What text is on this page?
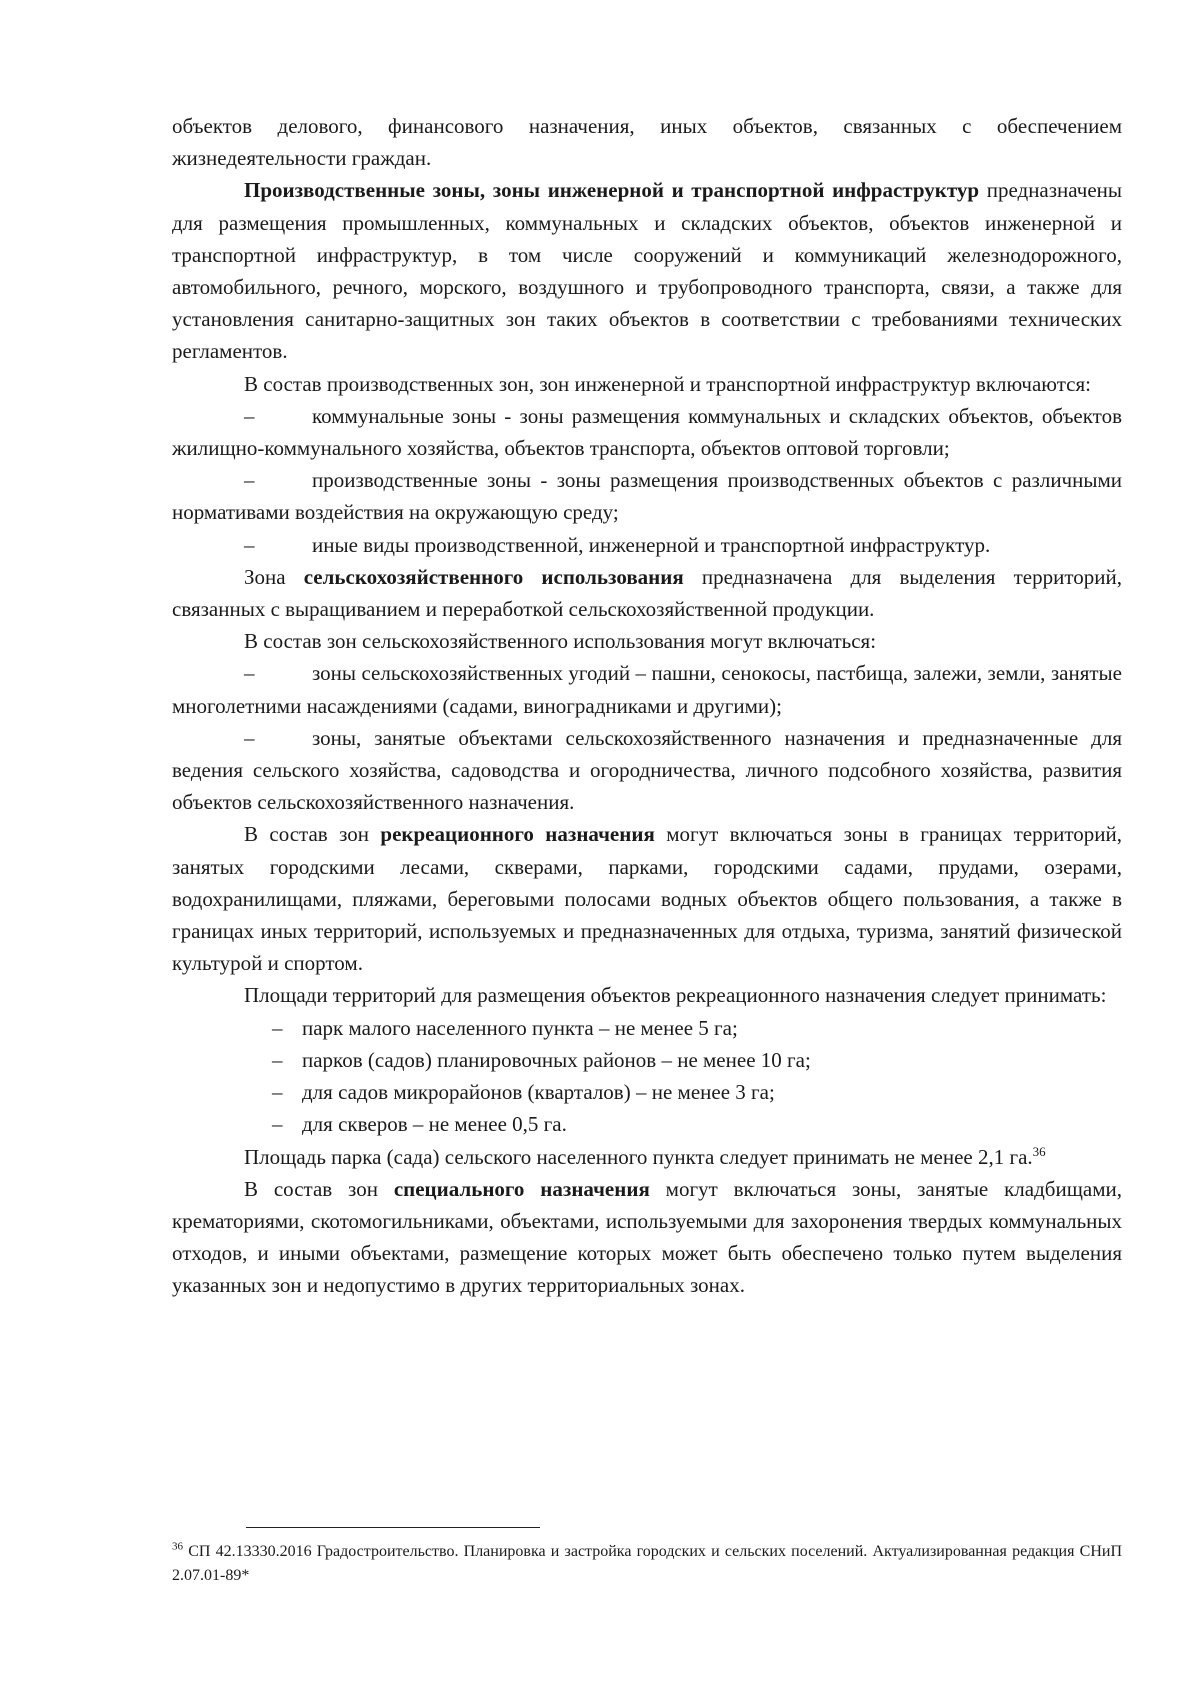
объектов делового, финансового назначения, иных объектов, связанных с обеспечением жизнедеятельности граждан.

Производственные зоны, зоны инженерной и транспортной инфраструктур предназначены для размещения промышленных, коммунальных и складских объектов, объектов инженерной и транспортной инфраструктур, в том числе сооружений и коммуникаций железнодорожного, автомобильного, речного, морского, воздушного и трубопроводного транспорта, связи, а также для установления санитарно-защитных зон таких объектов в соответствии с требованиями технических регламентов.

В состав производственных зон, зон инженерной и транспортной инфраструктур включаются:

–	коммунальные зоны - зоны размещения коммунальных и складских объектов, объектов жилищно-коммунального хозяйства, объектов транспорта, объектов оптовой торговли;

–	производственные зоны - зоны размещения производственных объектов с различными нормативами воздействия на окружающую среду;

–	иные виды производственной, инженерной и транспортной инфраструктур.

Зона сельскохозяйственного использования предназначена для выделения территорий, связанных с выращиванием и переработкой сельскохозяйственной продукции.

В состав зон сельскохозяйственного использования могут включаться:

–	зоны сельскохозяйственных угодий – пашни, сенокосы, пастбища, залежи, земли, занятые многолетними насаждениями (садами, виноградниками и другими);

–	зоны, занятые объектами сельскохозяйственного назначения и предназначенные для ведения сельского хозяйства, садоводства и огородничества, личного подсобного хозяйства, развития объектов сельскохозяйственного назначения.

В состав зон рекреационного назначения могут включаться зоны в границах территорий, занятых городскими лесами, скверами, парками, городскими садами, прудами, озерами, водохранилищами, пляжами, береговыми полосами водных объектов общего пользования, а также в границах иных территорий, используемых и предназначенных для отдыха, туризма, занятий физической культурой и спортом.

Площади территорий для размещения объектов рекреационного назначения следует принимать:

– парк малого населенного пункта – не менее 5 га;
– парков (садов) планировочных районов – не менее 10 га;
– для садов микрорайонов (кварталов) – не менее 3 га;
– для скверов – не менее 0,5 га.

Площадь парка (сада) сельского населенного пункта следует принимать не менее 2,1 га.$^{36}$

В состав зон специального назначения могут включаться зоны, занятые кладбищами, крематориями, скотомогильниками, объектами, используемыми для захоронения твердых коммунальных отходов, и иными объектами, размещение которых может быть обеспечено только путем выделения указанных зон и недопустимо в других территориальных зонах.

$^{36}$ СП 42.13330.2016 Градостроительство. Планировка и застройка городских и сельских поселений. Актуализированная редакция СНиП 2.07.01-89*
